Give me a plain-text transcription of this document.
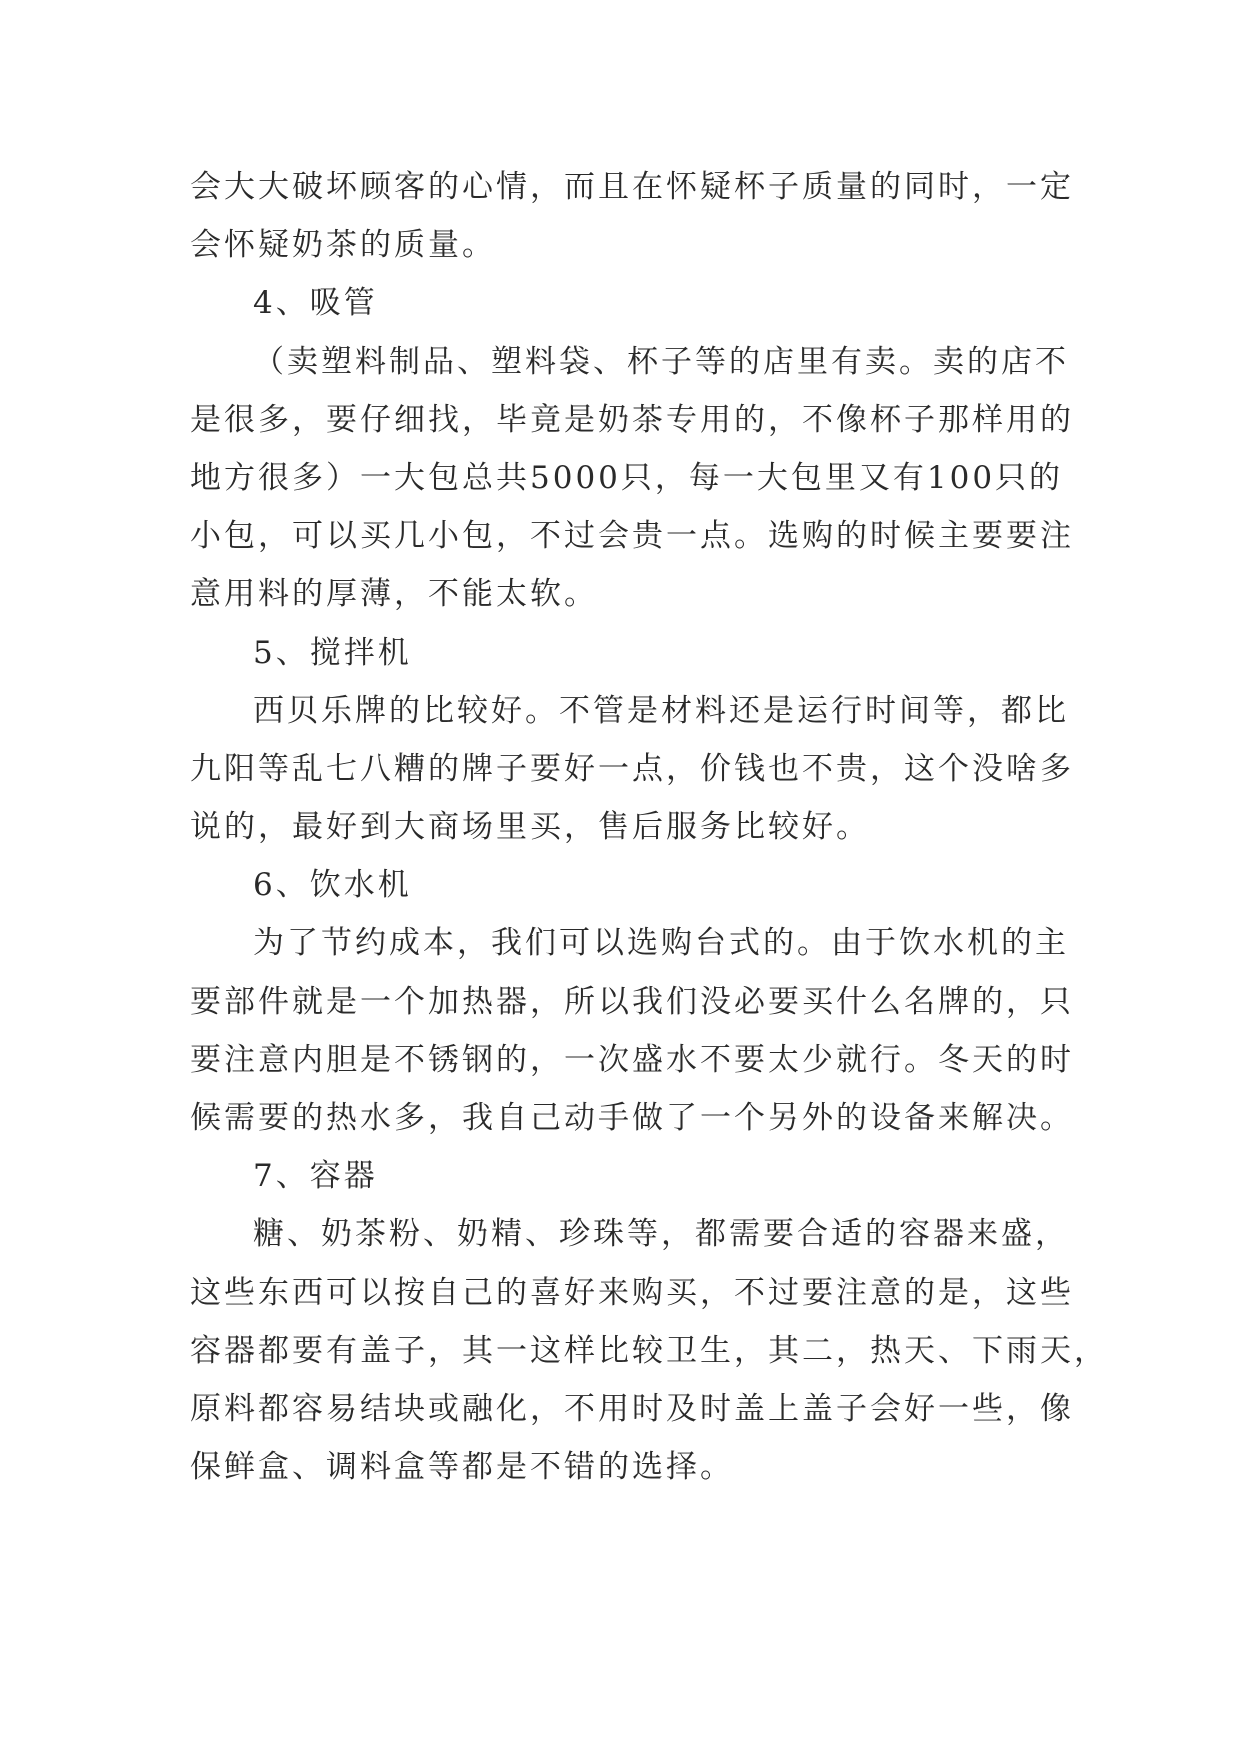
会大大破坏顾客的心情，而且在怀疑杯子质量的同时，一定
会怀疑奶茶的质量。
4、吸管
（卖塑料制品、塑料袋、杯子等的店里有卖。卖的店不
是很多，要仔细找，毕竟是奶茶专用的，不像杯子那样用的
地方很多）一大包总共5000只，每一大包里又有100只的
小包，可以买几小包，不过会贵一点。选购的时候主要要注
意用料的厚薄，不能太软。
5、搅拌机
西贝乐牌的比较好。不管是材料还是运行时间等，都比
九阳等乱七八糟的牌子要好一点，价钱也不贵，这个没啥多
说的，最好到大商场里买，售后服务比较好。
6、饮水机
为了节约成本，我们可以选购台式的。由于饮水机的主
要部件就是一个加热器，所以我们没必要买什么名牌的，只
要注意内胆是不锈钢的，一次盛水不要太少就行。冬天的时
候需要的热水多，我自己动手做了一个另外的设备来解决。
7、容器
糖、奶茶粉、奶精、珍珠等，都需要合适的容器来盛，
这些东西可以按自己的喜好来购买，不过要注意的是，这些
容器都要有盖子，其一这样比较卫生，其二，热天、下雨天，
原料都容易结块或融化，不用时及时盖上盖子会好一些，像
保鲜盒、调料盒等都是不错的选择。
